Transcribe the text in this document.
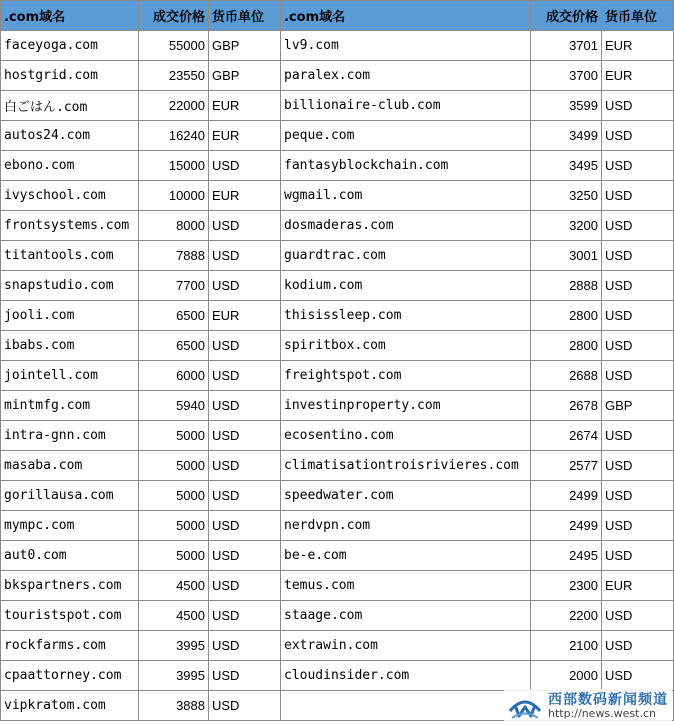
.com域名	成交价格	货币单位	.com域名	成交价格	货币单位
faceyoga.com	55000	GBP	lv9.com	3701	EUR
hostgrid.com	23550	GBP	paralex.com	3700	EUR
白ごはん.com	22000	EUR	billionaire-club.com	3599	USD
autos24.com	16240	EUR	peque.com	3499	USD
ebono.com	15000	USD	fantasyblockchain.com	3495	USD
ivyschool.com	10000	EUR	wgmail.com	3250	USD
frontsystems.com	8000	USD	dosmaderas.com	3200	USD
titantools.com	7888	USD	guardtrac.com	3001	USD
snapstudio.com	7700	USD	kodium.com	2888	USD
jooli.com	6500	EUR	thisissleep.com	2800	USD
ibabs.com	6500	USD	spiritbox.com	2800	USD
jointell.com	6000	USD	freightspot.com	2688	USD
mintmfg.com	5940	USD	investinproperty.com	2678	GBP
intra-gnn.com	5000	USD	ecosentino.com	2674	USD
masaba.com	5000	USD	climatisationtroisrivieres.com	2577	USD
gorillausa.com	5000	USD	speedwater.com	2499	USD
mympc.com	5000	USD	nerdvpn.com	2499	USD
aut0.com	5000	USD	be-e.com	2495	USD
bkspartners.com	4500	USD	temus.com	2300	EUR
touristspot.com	4500	USD	staage.com	2200	USD
rockfarms.com	3995	USD	extrawin.com	2100	USD
cpaattorney.com	3995	USD	cloudinsider.com	2000	USD
vipkratom.com	3888	USD				西部数码新闻频道
http://news.west.cn
